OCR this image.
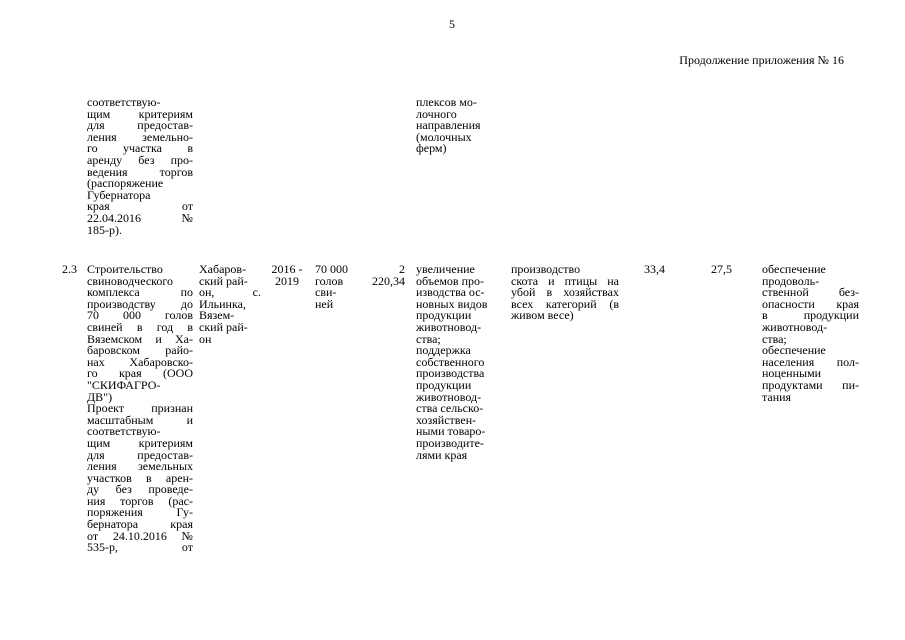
5
Продолжение приложения № 16
соответствую-
щим критериям
для предостав-
ления земельно-
го участка в
аренду без про-
ведения торгов
(распоряжение
Губернатора
края от
22.04.2016 №
185-р).
плексов мо-
лочного
направления
(молочных
ферм)
2.3 Строительство
свиноводческого
комплекса по
производству до
70 000 голов
свиней в год в
Вяземском и Ха-
баровском райо-
нах Хабаровско-
го края (ООО
"СКИФАГРО-
ДВ")
Проект признан
масштабным и
соответствую-
щим критериям
для предостав-
ления земельных
участков в арен-
ду без проведе-
ния торгов (рас-
поряжения Гу-
бернатора края
от 24.10.2016 №
535-р, от
Хабаров-
ский рай-
он, с.
Ильинка,
Вязем-
ский рай-
он
2016 -
2019
70 000
голов
сви-
ней
2
220,34
увеличение
объемов про-
изводства ос-
новных видов
продукции
животновод-
ства;
поддержка
собственного
производства
продукции
животновод-
ства сельско-
хозяйствен-
ными товаро-
производите-
лями края
производство
скота и птицы на
убой в хозяйствах
всех категорий (в
живом весе)
33,4	27,5	обеспечение
продоволь-
ственной без-
опасности края
в продукции
животновод-
ства;
обеспечение
населения пол-
ноценными
продуктами пи-
тания
